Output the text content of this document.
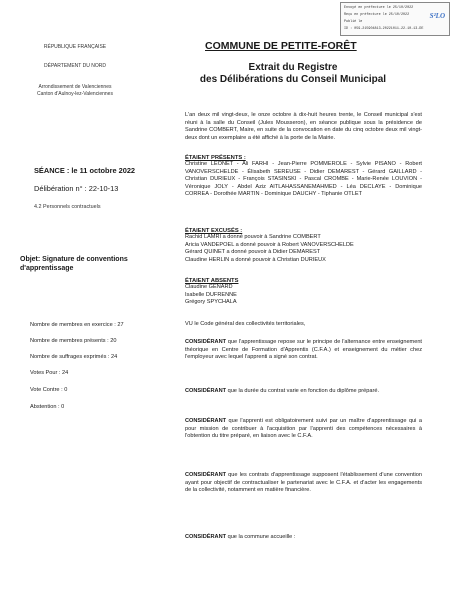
Envoyé en préfecture le 25/10/2022
Reçu en préfecture le 25/10/2022
Publié le
ID : 059-215904813-20221011-22-10-13-DE
S²LO
RÉPUBLIQUE FRANÇAISE
DÉPARTEMENT DU NORD
Arrondissement de Valenciennes
Canton d'Aulnoy-lez-Valenciennes
COMMUNE DE PETITE-FORÊT
Extrait du Registre
des Délibérations du Conseil Municipal
L'an deux mil vingt-deux, le onze octobre à dix-huit heures trente, le Conseil municipal s'est réuni à la salle du Conseil (Jules Mousseron), en séance publique sous la présidence de Sandrine COMBERT, Maire, en suite de la convocation en date du cinq octobre deux mil vingt-deux dont un exemplaire a été affiché à la porte de la Mairie.
SÉANCE : le 11 octobre 2022
Délibération n° : 22-10-13
4.2 Personnels contractuels
Objet: Signature de conventions d'apprentissage
ÉTAIENT PRÉSENTS :
Christine LEONET - Ali FARHI - Jean-Pierre POMMEROLE - Sylvie PISANO - Robert VANOVERSCHELDE - Élisabeth SEREUSE - Didier DEMAREST - Gérard GAILLARD - Christian DURIEUX - François STASINSKI - Pascal CROMBE - Marie-Renée LOUVION - Véronique JOLY - Abdel Aziz AITLAHASSANEMAHMED - Léa DECLAYE - Dominique CORREA - Dorothée MARTIN - Dominique DAUCHY - Tiphanie OTLET
ÉTAIENT EXCUSÉS :
Rachid LAMRI a donné pouvoir à Sandrine COMBERT
Aricia VANDEPOEL a donné pouvoir à Robert VANOVERSCHELDE
Gérard QUINET a donné pouvoir à Didier DEMAREST
Claudine HERLIN a donné pouvoir à Christian DURIEUX
ÉTAIENT ABSENTS
Claudine GÉNARD
Isabelle DUFRENNE
Grégory SPYCHALA
Nombre de membres en exercice : 27
Nombre de membres présents : 20
Nombre de suffrages exprimés : 24
Votes Pour : 24
Vote Contre : 0
Abstention : 0
VU le Code général des collectivités territoriales,
CONSIDÉRANT que l'apprentissage repose sur le principe de l'alternance entre enseignement théorique en Centre de Formation d'Apprentis (C.F.A.) et enseignement du métier chez l'employeur avec lequel l'apprenti a signé son contrat.
CONSIDÉRANT que la durée du contrat varie en fonction du diplôme préparé.
CONSIDÉRANT que l'apprenti est obligatoirement suivi par un maître d'apprentissage qui a pour mission de contribuer à l'acquisition par l'apprenti des compétences nécessaires à l'obtention du titre préparé, en liaison avec le C.F.A.
CONSIDÉRANT que les contrats d'apprentissage supposent l'établissement d'une convention ayant pour objectif de contractualiser le partenariat avec le C.F.A. et d'acter les engagements de la collectivité, notamment en matière financière.
CONSIDÉRANT que la commune accueille :
